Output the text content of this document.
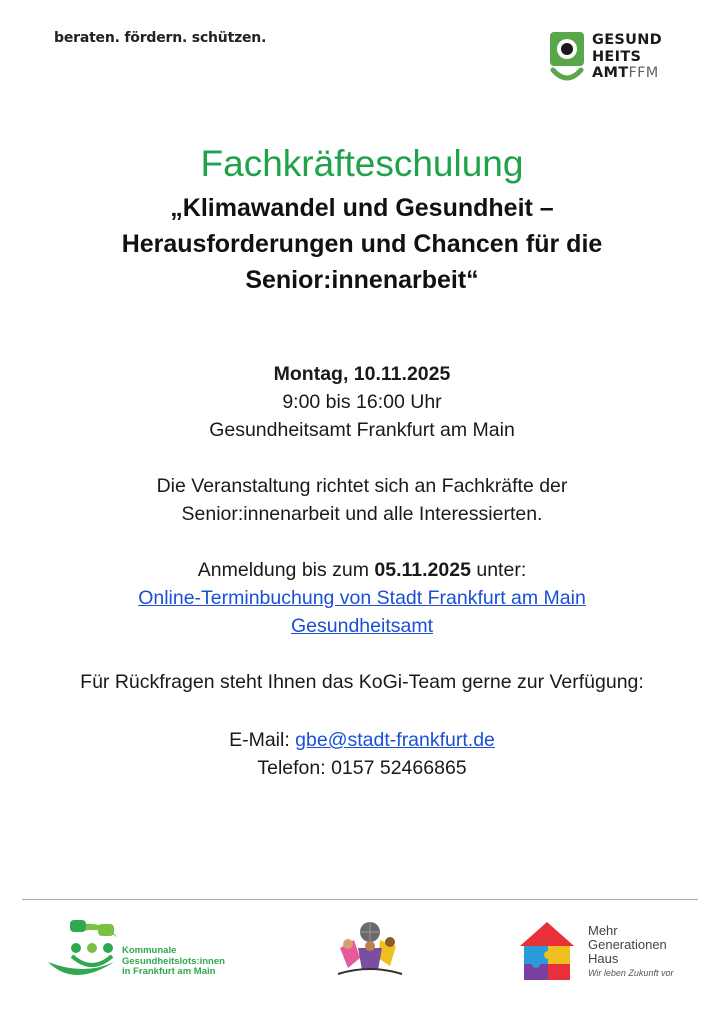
beraten. fördern. schützen.	GESUND
HEITS
AMTFFM
Fachkräfteschulung
„Klimawandel und Gesundheit –
Herausforderungen und Chancen für die
Senior:innenarbeit“
Montag, 10.11.2025
9:00 bis 16:00 Uhr
Gesundheitsamt Frankfurt am Main
Die Veranstaltung richtet sich an Fachkräfte der
Senior:innenarbeit und alle Interessierten.
Anmeldung bis zum 05.11.2025 unter:
Online-Terminbuchung von Stadt Frankfurt am Main
Gesundheitsamt
Für Rückfragen steht Ihnen das KoGi-Team gerne zur Verfügung:
E-Mail: gbe@stadt-frankfurt.de
Telefon: 0157 52466865
Kommunale
Gesundheitslots:innen
in Frankfurt am Main
Mehr
Generationen
Haus
Wir leben Zukunft vor
